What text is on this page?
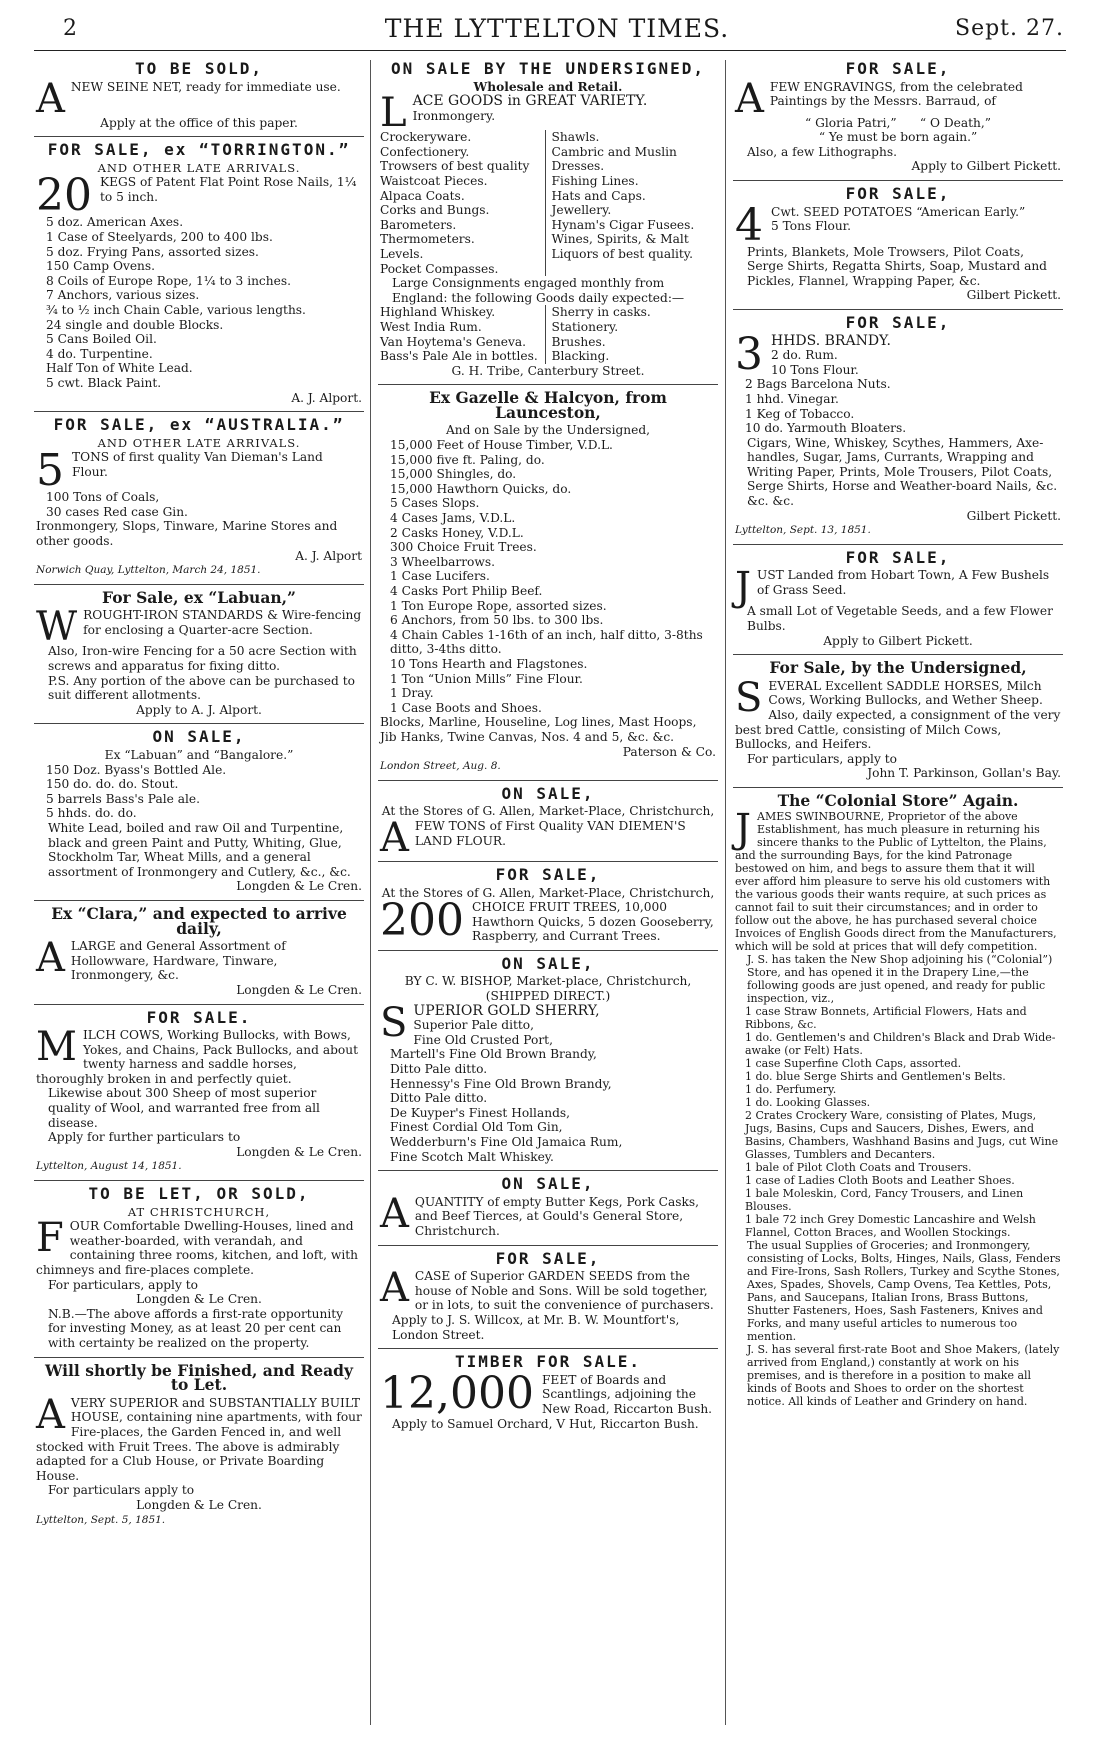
2	THE LYTTELTON TIMES.	Sept. 27.
TO BE SOLD,

ANEW SEINE NET, ready for immediate use.

Apply at the office of this paper.

FOR SALE, ex “TORRINGTON.”
AND OTHER LATE ARRIVALS.

20 KEGS of Patent Flat Point Rose Nails, 1¼ to 5 inch.

5 doz. American Axes.
1 Case of Steelyards, 200 to 400 lbs.
5 doz. Frying Pans, assorted sizes.
150 Camp Ovens.
8 Coils of Europe Rope, 1¼ to 3 inches.
7 Anchors, various sizes.
¾ to ½ inch Chain Cable, various lengths.
24 single and double Blocks.
5 Cans Boiled Oil.
4 do. Turpentine.
Half Ton of White Lead.
5 cwt. Black Paint.
A. J. Alport.
FOR SALE, ex “AUSTRALIA.”
AND OTHER LATE ARRIVALS.

5 TONS of first quality Van Dieman's Land Flour.

100 Tons of Coals,
30 cases Red case Gin.

Ironmongery, Slops, Tinware, Marine Stores and other goods.

A. J. Alport
Norwich Quay, Lyttelton, March 24, 1851.
For Sale, ex “Labuan,”

WROUGHT-IRON STANDARDS & Wire-fencing for enclosing a Quarter-acre Section.

Also, Iron-wire Fencing for a 50 acre Section with screws and apparatus for fixing ditto.

P.S. Any portion of the above can be purchased to suit different allotments.

Apply to A. J. Alport.
ON SALE,
Ex “Labuan” and “Bangalore.”
150 Doz. Byass's Bottled Ale.
150 do. do. do. Stout.
5 barrels Bass's Pale ale.
5 hhds. do. do.

White Lead, boiled and raw Oil and Turpentine, black and green Paint and Putty, Whiting, Glue, Stockholm Tar, Wheat Mills, and a general assortment of Ironmongery and Cutlery, &c., &c.

Longden & Le Cren.
Ex “Clara,” and expected to arrive daily,

ALARGE and General Assortment of Hollowware, Hardware, Tinware, Ironmongery, &c.

Longden & Le Cren.
FOR SALE.

MILCH COWS, Working Bullocks, with Bows, Yokes, and Chains, Pack Bullocks, and about twenty harness and saddle horses, thoroughly broken in and perfectly quiet.

Likewise about 300 Sheep of most superior quality of Wool, and warranted free from all disease.

Apply for further particulars to

Longden & Le Cren.
Lyttelton, August 14, 1851.
TO BE LET, OR SOLD,
AT CHRISTCHURCH,

FOUR Comfortable Dwelling-Houses, lined and weather-boarded, with verandah, and containing three rooms, kitchen, and loft, with chimneys and fire-places complete.

For particulars, apply to

Longden & Le Cren.

N.B.—The above affords a first-rate opportunity for investing Money, as at least 20 per cent can with certainty be realized on the property.

Will shortly be Finished, and Ready to Let.

AVERY SUPERIOR and SUBSTANTIALLY BUILT HOUSE, containing nine apartments, with four Fire-places, the Garden Fenced in, and well stocked with Fruit Trees. The above is admirably adapted for a Club House, or Private Boarding House.

For particulars apply to

Longden & Le Cren.
Lyttelton, Sept. 5, 1851.
ON SALE BY THE UNDERSIGNED,
Wholesale and Retail.

LACE GOODS in GREAT VARIETY.

Ironmongery.

Crockeryware.
Confectionery.
Trowsers of best quality
Waistcoat Pieces.
Alpaca Coats.
Corks and Bungs.
Barometers.
Thermometers.
Levels.
Pocket Compasses.
Shawls.
Cambric and Muslin Dresses.
Fishing Lines.
Hats and Caps.
Jewellery.
Hynam's Cigar Fusees.
Wines, Spirits, & Malt Liquors of best quality.

Large Consignments engaged monthly from England: the following Goods daily expected:—

Highland Whiskey.
West India Rum.
Van Hoytema's Geneva.
Bass's Pale Ale in bottles.
Sherry in casks.
Stationery.
Brushes.
Blacking.
G. H. Tribe, Canterbury Street.
Ex Gazelle & Halcyon, from Launceston,
And on Sale by the Undersigned,
15,000 Feet of House Timber, V.D.L.
15,000 five ft. Paling, do.
15,000 Shingles, do.
15,000 Hawthorn Quicks, do.
5 Cases Slops.
4 Cases Jams, V.D.L.
2 Casks Honey, V.D.L.
300 Choice Fruit Trees.
3 Wheelbarrows.
1 Case Lucifers.
4 Casks Port Philip Beef.
1 Ton Europe Rope, assorted sizes.
6 Anchors, from 50 lbs. to 300 lbs.
4 Chain Cables 1-16th of an inch, half ditto, 3-8ths ditto, 3-4ths ditto.
10 Tons Hearth and Flagstones.
1 Ton “Union Mills” Fine Flour.
1 Dray.
1 Case Boots and Shoes.

Blocks, Marline, Houseline, Log lines, Mast Hoops, Jib Hanks, Twine Canvas, Nos. 4 and 5, &c. &c.

Paterson & Co.
London Street, Aug. 8.
ON SALE,
At the Stores of G. Allen, Market-Place, Christchurch,

AFEW TONS of First Quality VAN DIEMEN'S LAND FLOUR.

FOR SALE,
At the Stores of G. Allen, Market-Place, Christchurch,

200 CHOICE FRUIT TREES, 10,000 Hawthorn Quicks, 5 dozen Gooseberry, Raspberry, and Currant Trees.

ON SALE,
BY C. W. BISHOP, Market-place, Christchurch,
(SHIPPED DIRECT.)

SUPERIOR GOLD SHERRY,

Superior Pale ditto,
Fine Old Crusted Port,
Martell's Fine Old Brown Brandy,
Ditto Pale ditto.
Hennessy's Fine Old Brown Brandy,
Ditto Pale ditto.
De Kuyper's Finest Hollands,
Finest Cordial Old Tom Gin,
Wedderburn's Fine Old Jamaica Rum,
Fine Scotch Malt Whiskey.
ON SALE,

AQUANTITY of empty Butter Kegs, Pork Casks, and Beef Tierces, at Gould's General Store, Christchurch.

FOR SALE,

ACASE of Superior GARDEN SEEDS from the house of Noble and Sons. Will be sold together, or in lots, to suit the convenience of purchasers.

Apply to J. S. Willcox, at Mr. B. W. Mountfort's, London Street.

TIMBER FOR SALE.

12,000 FEET of Boards and Scantlings, adjoining the New Road, Riccarton Bush.

Apply to Samuel Orchard, V Hut, Riccarton Bush.

FOR SALE,

AFEW ENGRAVINGS, from the celebrated Paintings by the Messrs. Barraud, of

“ Gloria Patri,” “ O Death,”
“ Ye must be born again.”

Also, a few Lithographs.

Apply to Gilbert Pickett.
FOR SALE,

4 Cwt. SEED POTATOES “American Early.”

5 Tons Flour.

Prints, Blankets, Mole Trowsers, Pilot Coats, Serge Shirts, Regatta Shirts, Soap, Mustard and Pickles, Flannel, Wrapping Paper, &c.

Gilbert Pickett.
FOR SALE,

3 HHDS. BRANDY.

2 do. Rum.
10 Tons Flour.
2 Bags Barcelona Nuts.
1 hhd. Vinegar.
1 Keg of Tobacco.
10 do. Yarmouth Bloaters.

Cigars, Wine, Whiskey, Scythes, Hammers, Axe-handles, Sugar, Jams, Currants, Wrapping and Writing Paper, Prints, Mole Trousers, Pilot Coats, Serge Shirts, Horse and Weather-board Nails, &c. &c. &c.

Gilbert Pickett.
Lyttelton, Sept. 13, 1851.
FOR SALE,

JUST Landed from Hobart Town, A Few Bushels of Grass Seed.

A small Lot of Vegetable Seeds, and a few Flower Bulbs.

Apply to Gilbert Pickett.
For Sale, by the Undersigned,

SEVERAL Excellent SADDLE HORSES, Milch Cows, Working Bullocks, and Wether Sheep. Also, daily expected, a consignment of the very best bred Cattle, consisting of Milch Cows, Bullocks, and Heifers.

For particulars, apply to

John T. Parkinson, Gollan's Bay.
The “Colonial Store” Again.

JAMES SWINBOURNE, Proprietor of the above Establishment, has much pleasure in returning his sincere thanks to the Public of Lyttelton, the Plains, and the surrounding Bays, for the kind Patronage bestowed on him, and begs to assure them that it will ever afford him pleasure to serve his old customers with the various goods their wants require, at such prices as cannot fail to suit their circumstances; and in order to follow out the above, he has purchased several choice Invoices of English Goods direct from the Manufacturers, which will be sold at prices that will defy competition.

J. S. has taken the New Shop adjoining his (“Colonial”) Store, and has opened it in the Drapery Line,—the following goods are just opened, and ready for public inspection, viz.,

1 case Straw Bonnets, Artificial Flowers, Hats and Ribbons, &c.
1 do. Gentlemen's and Children's Black and Drab Wide-awake (or Felt) Hats.
1 case Superfine Cloth Caps, assorted.
1 do. blue Serge Shirts and Gentlemen's Belts.
1 do. Perfumery.
1 do. Looking Glasses.
2 Crates Crockery Ware, consisting of Plates, Mugs, Jugs, Basins, Cups and Saucers, Dishes, Ewers, and Basins, Chambers, Washhand Basins and Jugs, cut Wine Glasses, Tumblers and Decanters.
1 bale of Pilot Cloth Coats and Trousers.
1 case of Ladies Cloth Boots and Leather Shoes.
1 bale Moleskin, Cord, Fancy Trousers, and Linen Blouses.
1 bale 72 inch Grey Domestic Lancashire and Welsh Flannel, Cotton Braces, and Woollen Stockings.

The usual Supplies of Groceries; and Ironmongery, consisting of Locks, Bolts, Hinges, Nails, Glass, Fenders and Fire-Irons, Sash Rollers, Turkey and Scythe Stones, Axes, Spades, Shovels, Camp Ovens, Tea Kettles, Pots, Pans, and Saucepans, Italian Irons, Brass Buttons, Shutter Fasteners, Hoes, Sash Fasteners, Knives and Forks, and many useful articles to numerous too mention.

J. S. has several first-rate Boot and Shoe Makers, (lately arrived from England,) constantly at work on his premises, and is therefore in a position to make all kinds of Boots and Shoes to order on the shortest notice. All kinds of Leather and Grindery on hand.
